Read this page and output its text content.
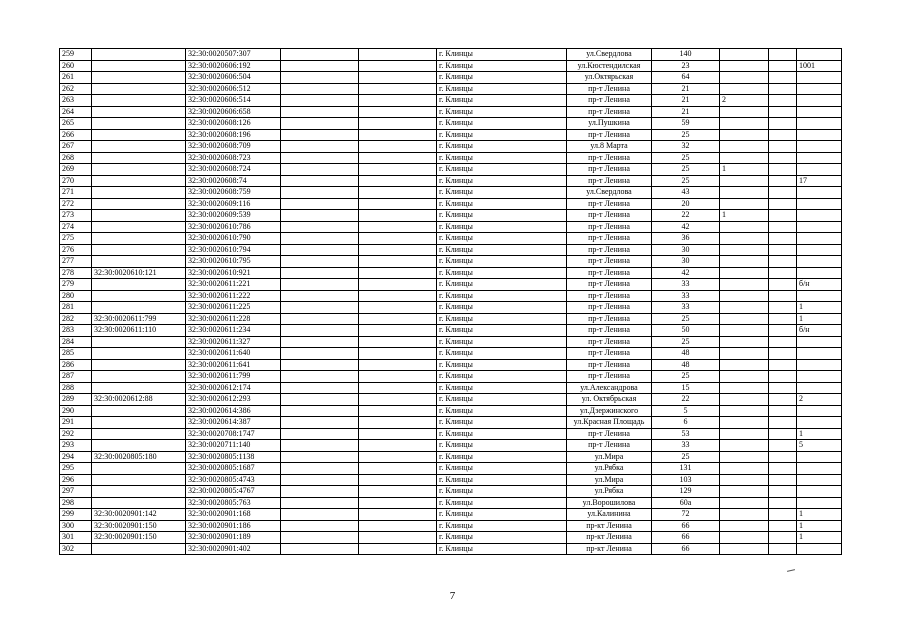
259		32:30:0020507:307			г. Клинцы	ул.Свердлова	140			
260		32:30:0020606:192			г. Клинцы	ул.Кюстендилская	23			1001
261		32:30:0020606:504			г. Клинцы	ул.Октярьская	64			
262		32:30:0020606:512			г. Клинцы	пр-т Ленина	21			
263		32:30:0020606:514			г. Клинцы	пр-т Ленина	21	2		
264		32:30:0020606:658			г. Клинцы	пр-т Ленина	21			
265		32:30:0020608:126			г. Клинцы	ул.Пушкина	59			
266		32:30:0020608:196			г. Клинцы	пр-т Ленина	25			
267		32:30:0020608:709			г. Клинцы	ул.8 Марта	32			
268		32:30:0020608:723			г. Клинцы	пр-т Ленина	25			
269		32:30:0020608:724			г. Клинцы	пр-т Ленина	25	1		
270		32:30:0020608:74			г. Клинцы	пр-т Ленина	25			17
271		32:30:0020608:759			г. Клинцы	ул.Свердлова	43			
272		32:30:0020609:116			г. Клинцы	пр-т Ленина	20			
273		32:30:0020609:539			г. Клинцы	пр-т Ленина	22	1		
274		32:30:0020610:786			г. Клинцы	пр-т Ленина	42			
275		32:30:0020610:790			г. Клинцы	пр-т Ленина	36			
276		32:30:0020610:794			г. Клинцы	пр-т Ленина	30			
277		32:30:0020610:795			г. Клинцы	пр-т Ленина	30			
278	32:30:0020610:121	32:30:0020610:921			г. Клинцы	пр-т Ленина	42			
279		32:30:0020611:221			г. Клинцы	пр-т Ленина	33			б/н
280		32:30:0020611:222			г. Клинцы	пр-т Ленина	33			
281		32:30:0020611:225			г. Клинцы	пр-т Ленина	33			1
282	32:30:0020611:799	32:30:0020611:228			г. Клинцы	пр-т Ленина	25			1
283	32:30:0020611:110	32:30:0020611:234			г. Клинцы	пр-т Ленина	50			б/н
284		32:30:0020611:327			г. Клинцы	пр-т Ленина	25			
285		32:30:0020611:640			г. Клинцы	пр-т Ленина	48			
286		32:30:0020611:641			г. Клинцы	пр-т Ленина	48			
287		32:30:0020611:799			г. Клинцы	пр-т Ленина	25			
288		32:30:0020612:174			г. Клинцы	ул.Александрова	15			
289	32:30:0020612:88	32:30:0020612:293			г. Клинцы	ул. Октябрьская	22			2
290		32:30:0020614:386			г. Клинцы	ул.Дзержинского	5			
291		32:30:0020614:387			г. Клинцы	ул.Красная Площадь	6			
292		32:30:0020708:1747			г. Клинцы	пр-т Ленина	53			1
293		32:30:0020711:140			г. Клинцы	пр-т Ленина	33			5
294	32:30:0020805:180	32:30:0020805:1138			г. Клинцы	ул.Мира	25			
295		32:30:0020805:1687			г. Клинцы	ул.Рябка	131			
296		32:30:0020805:4743			г. Клинцы	ул.Мира	103			
297		32:30:0020805:4767			г. Клинцы	ул.Рябка	129			
298		32:30:0020805:763			г. Клинцы	ул.Ворошилова	60а			
299	32:30:0020901:142	32:30:0020901:168			г. Клинцы	ул.Калинина	72			1
300	32:30:0020901:150	32:30:0020901:186			г. Клинцы	пр-кт Ленина	66			1
301	32:30:0020901:150	32:30:0020901:189			г. Клинцы	пр-кт Ленина	66			1
302		32:30:0020901:402			г. Клинцы	пр-кт Ленина	66			
7
